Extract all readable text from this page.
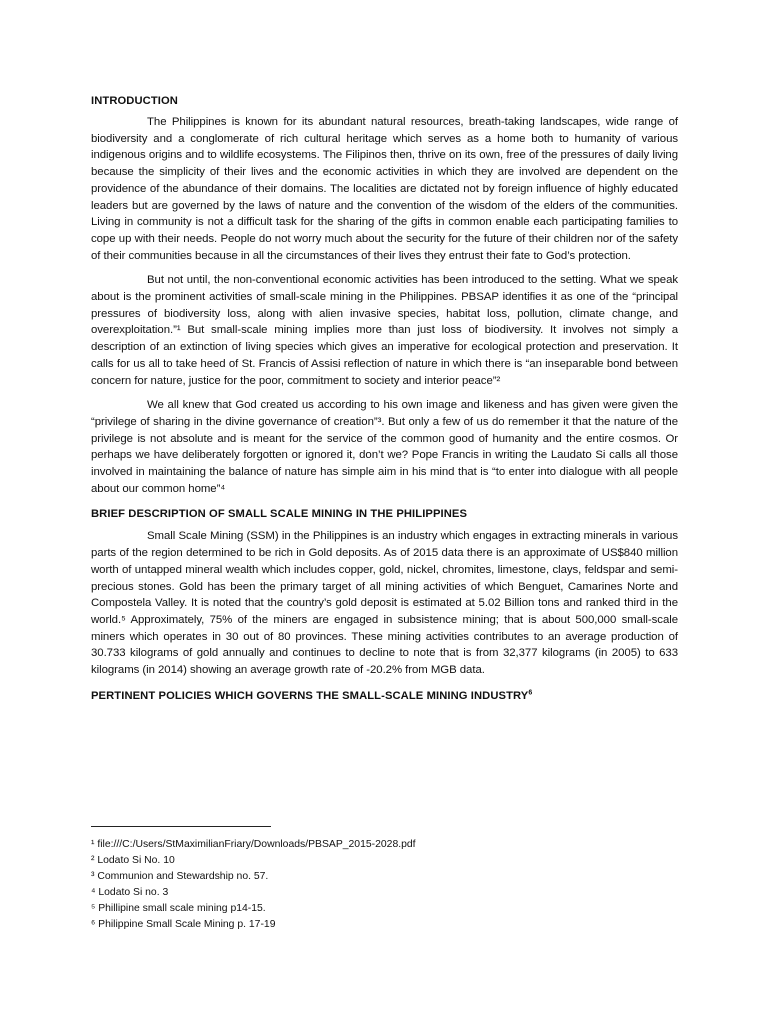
INTRODUCTION

The Philippines is known for its abundant natural resources, breath-taking landscapes, wide range of biodiversity and a conglomerate of rich cultural heritage which serves as a home both to humanity of various indigenous origins and to wildlife ecosystems. The Filipinos then, thrive on its own, free of the pressures of daily living because the simplicity of their lives and the economic activities in which they are involved are dependent on the providence of the abundance of their domains. The localities are dictated not by foreign influence of highly educated leaders but are governed by the laws of nature and the convention of the wisdom of the elders of the communities. Living in community is not a difficult task for the sharing of the gifts in common enable each participating families to cope up with their needs. People do not worry much about the security for the future of their children nor of the safety of their communities because in all the circumstances of their lives they entrust their fate to God’s protection.

But not until, the non-conventional economic activities has been introduced to the setting. What we speak about is the prominent activities of small-scale mining in the Philippines. PBSAP identifies it as one of the “principal pressures of biodiversity loss, along with alien invasive species, habitat loss, pollution, climate change, and overexploitation.”¹ But small-scale mining implies more than just loss of biodiversity. It involves not simply a description of an extinction of living species which gives an imperative for ecological protection and preservation. It calls for us all to take heed of St. Francis of Assisi reflection of nature in which there is “an inseparable bond between concern for nature, justice for the poor, commitment to society and interior peace”²

We all knew that God created us according to his own image and likeness and has given were given the “privilege of sharing in the divine governance of creation”³. But only a few of us do remember it that the nature of the privilege is not absolute and is meant for the service of the common good of humanity and the entire cosmos. Or perhaps we have deliberately forgotten or ignored it, don’t we? Pope Francis in writing the Laudato Si calls all those involved in maintaining the balance of nature has simple aim in his mind that is “to enter into dialogue with all people about our common home”⁴

BRIEF DESCRIPTION OF SMALL SCALE MINING IN THE PHILIPPINES

Small Scale Mining (SSM) in the Philippines is an industry which engages in extracting minerals in various parts of the region determined to be rich in Gold deposits. As of 2015 data there is an approximate of US$840 million worth of untapped mineral wealth which includes copper, gold, nickel, chromites, limestone, clays, feldspar and semi-precious stones. Gold has been the primary target of all mining activities of which Benguet, Camarines Norte and Compostela Valley. It is noted that the country’s gold deposit is estimated at 5.02 Billion tons and ranked third in the world.⁵ Approximately, 75% of the miners are engaged in subsistence mining; that is about 500,000 small-scale miners which operates in 30 out of 80 provinces. These mining activities contributes to an average production of 30.733 kilograms of gold annually and continues to decline to note that is from 32,377 kilograms (in 2005) to 633 kilograms (in 2014) showing an average growth rate of -20.2% from MGB data.

PERTINENT POLICIES WHICH GOVERNS THE SMALL-SCALE MINING INDUSTRY$^6$

¹ file:///C:/Users/StMaximilianFriary/Downloads/PBSAP_2015-2028.pdf

² Lodato Si No. 10

³ Communion and Stewardship no. 57.

⁴ Lodato Si no. 3

⁵ Phillipine small scale mining p14-15.

⁶ Philippine Small Scale Mining p. 17-19
